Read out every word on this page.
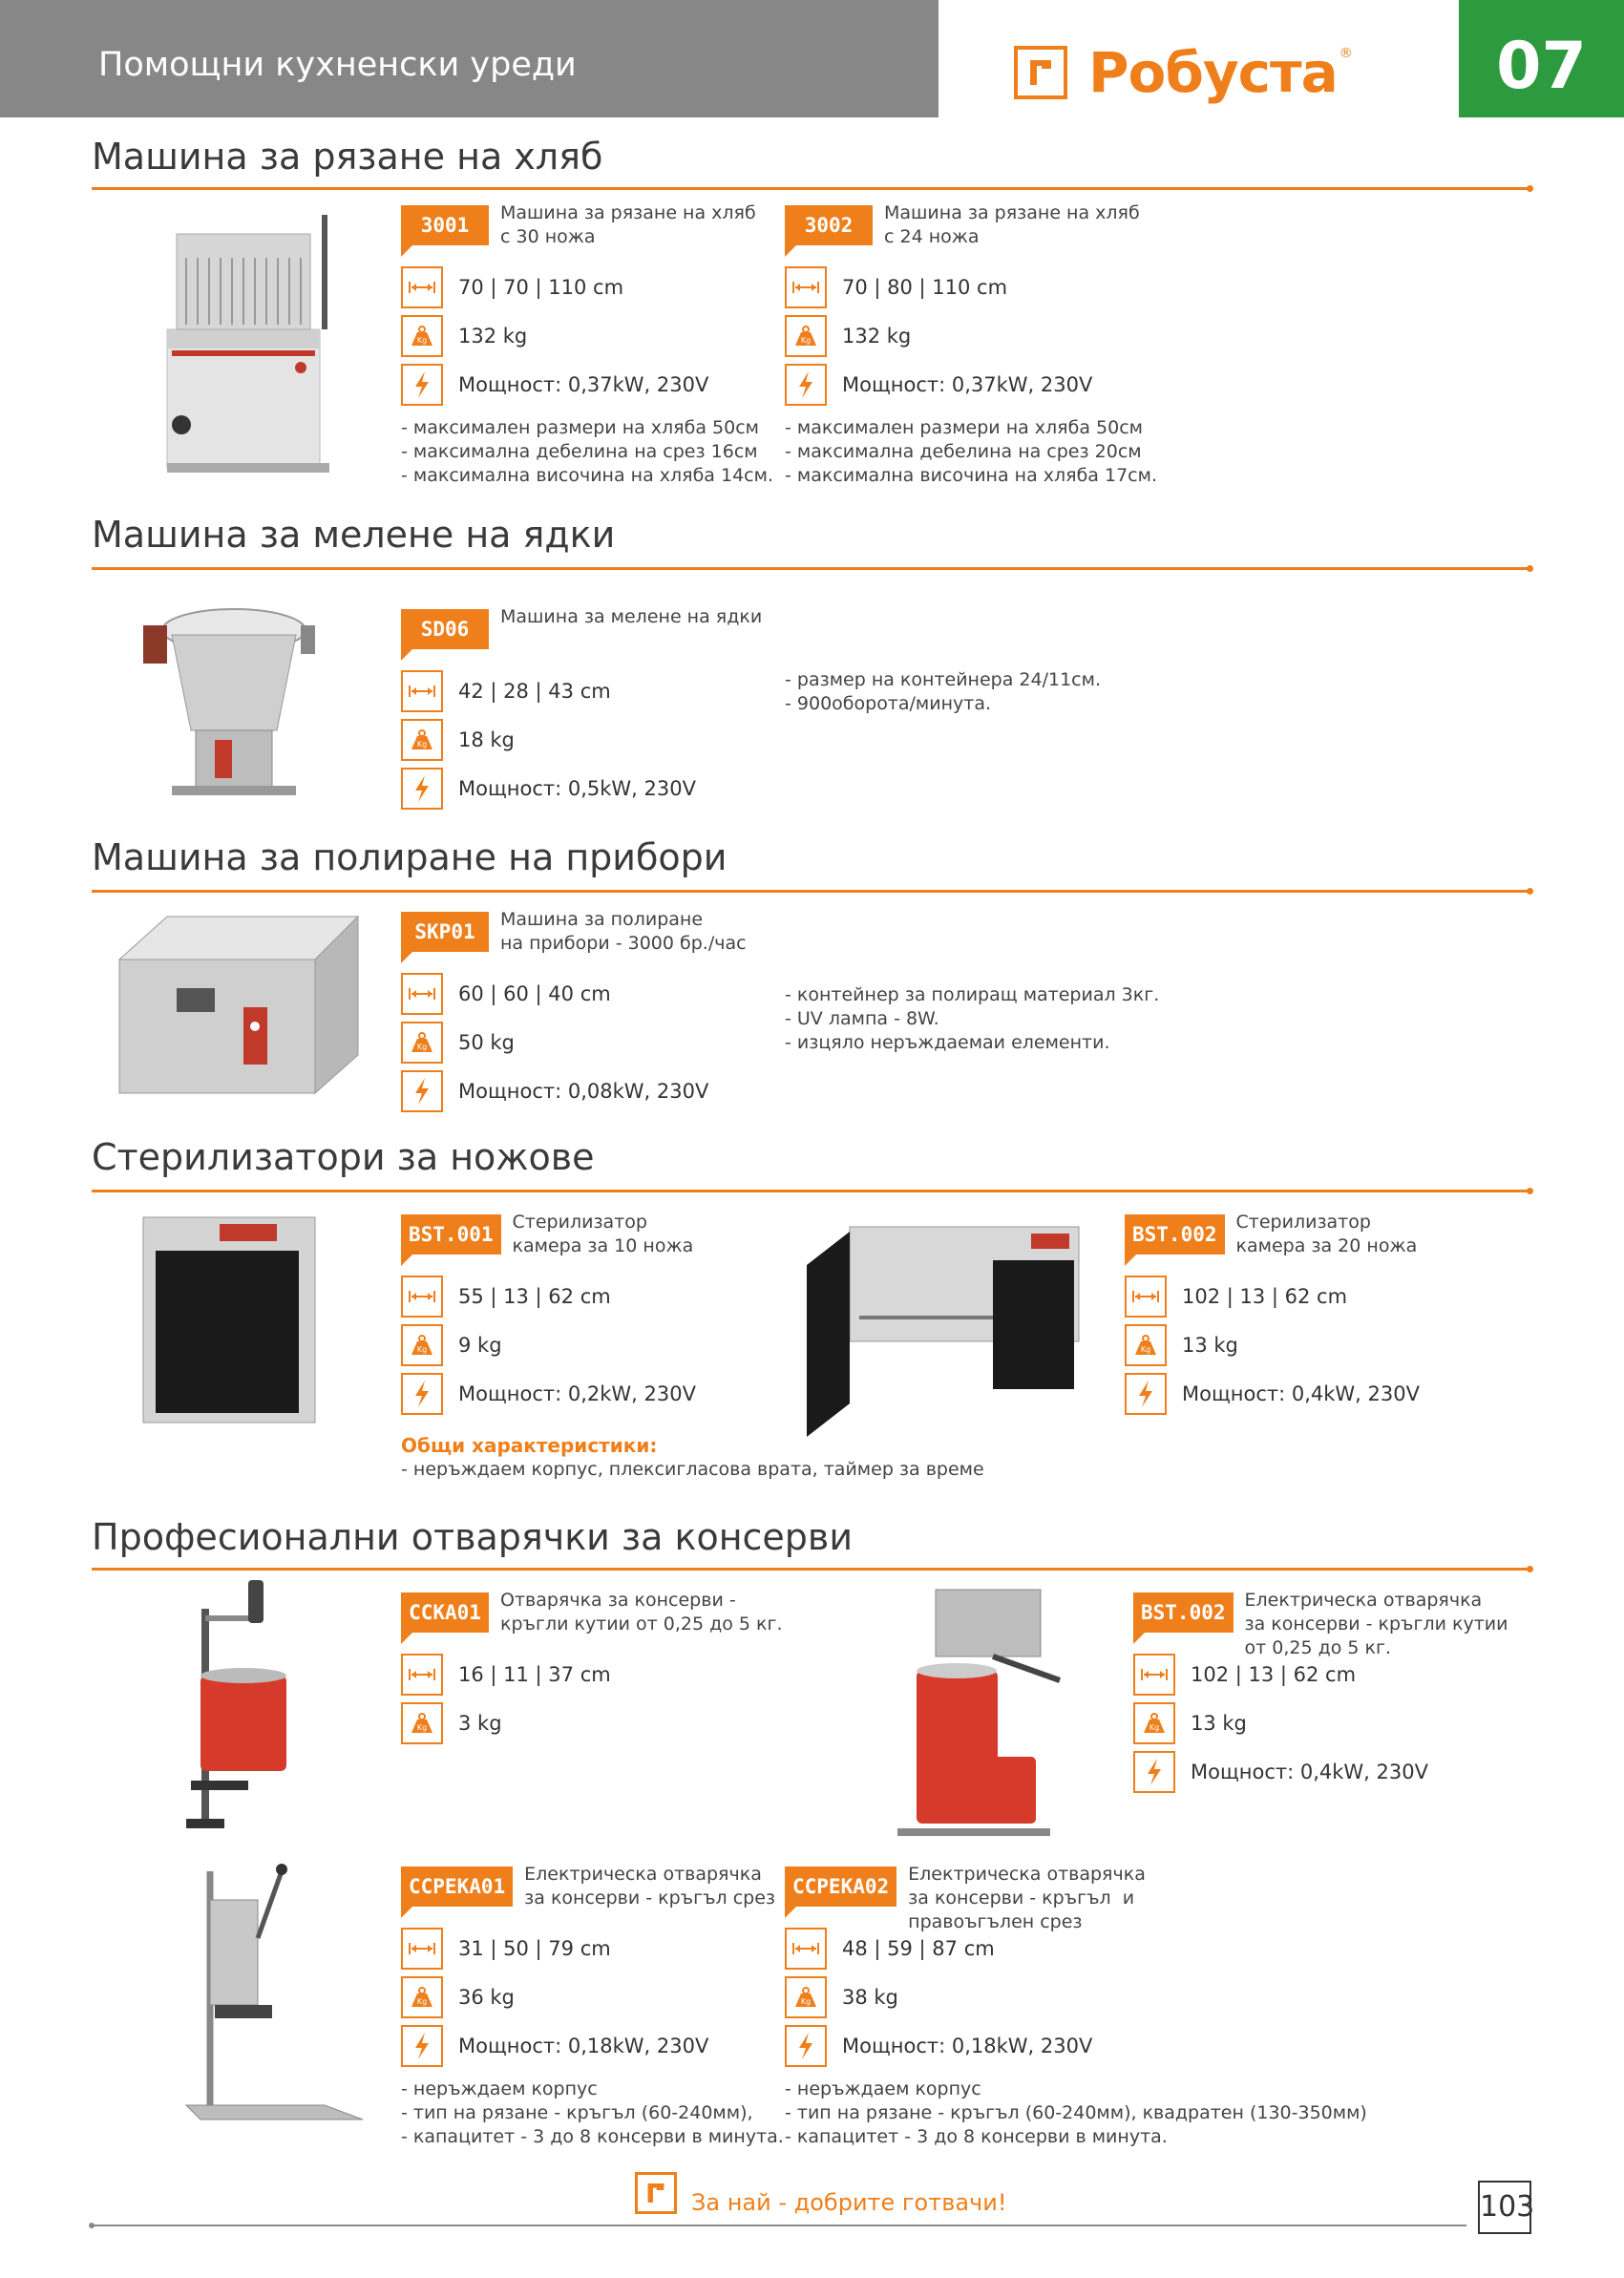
Помощни кухненски уреди	Робуста ®	07
Машина за рязане на хляб
3001
Машина за рязане на хляб
с 30 ножа
70 | 70 | 110 cm
Kg 132 kg
Мощност: 0,37kW, 230V
- максимален размери на хляба 50см
- максимална дебелина на срез 16см
- максимална височина на хляба 14см.
3002
Машина за рязане на хляб
с 24 ножа
70 | 80 | 110 cm
Kg 132 kg
Мощност: 0,37kW, 230V
- максимален размери на хляба 50см
- максимална дебелина на срез 20см
- максимална височина на хляба 17см.
Машина за мелене на ядки
SD06
Машина за мелене на ядки
42 | 28 | 43 cm
Kg 18 kg
Мощност: 0,5kW, 230V
- размер на контейнера 24/11см.
- 900оборота/минута.
Машина за полиране на прибори
SKP01
Машина за полиране
на прибори - 3000 бр./час
60 | 60 | 40 cm
Kg 50 kg
Мощност: 0,08kW, 230V
- контейнер за полиращ материал 3кг.
- UV лампа - 8W.
- изцяло неръждаемаи елементи.
Стерилизатори за ножове
BST.001
Стерилизатор
камера за 10 ножа
55 | 13 | 62 cm
Kg 9 kg
Мощност: 0,2kW, 230V
BST.002
Стерилизатор
камера за 20 ножа
102 | 13 | 62 cm
Kg 13 kg
Мощност: 0,4kW, 230V
Общи характеристики:
- неръждаем корпус, плексигласова врата, таймер за време
Професионални отварячки за консерви
CCKA01
Отварячка за консерви -
кръгли кутии от 0,25 до 5 кг.
16 | 11 | 37 cm
Kg 3 kg
BST.002
Електрическа отварячка
за консерви - кръгли кутии
от 0,25 до 5 кг.
102 | 13 | 62 cm
Kg 13 kg
Мощност: 0,4kW, 230V
CCPEKA01
Електрическа отварячка
за консерви - кръгъл срез
31 | 50 | 79 cm
Kg 36 kg
Мощност: 0,18kW, 230V
- неръждаем корпус
- тип на рязане - кръгъл (60-240мм),
- капацитет - 3 до 8 консерви в минута.
CCPEKA02
Електрическа отварячка
за консерви - кръгъл  и
правоъгълен срез
48 | 59 | 87 cm
Kg 38 kg
Мощност: 0,18kW, 230V
- неръждаем корпус
- тип на рязане - кръгъл (60-240мм), квадратен (130-350мм)
- капацитет - 3 до 8 консерви в минута.
За най - добрите готвачи!	103
